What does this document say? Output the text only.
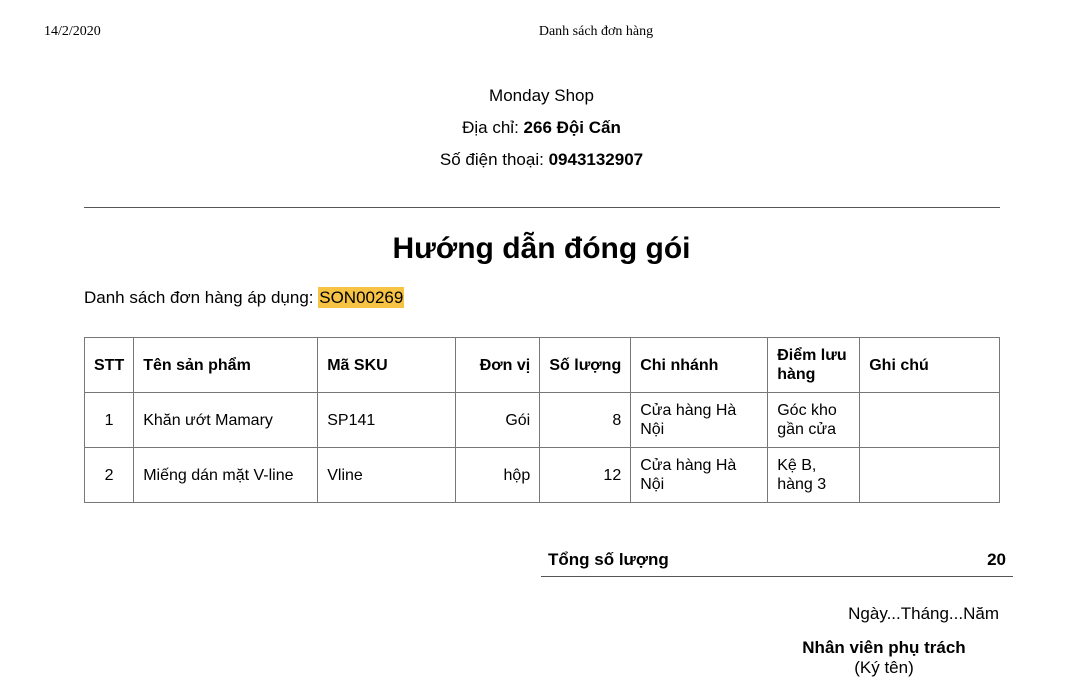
14/2/2020	Danh sách đơn hàng
Monday Shop
Địa chỉ: 266 Đội Cấn
Số điện thoại: 0943132907
Hướng dẫn đóng gói
Danh sách đơn hàng áp dụng: SON00269
STT	Tên sản phẩm	Mã SKU	Đơn vị	Số lượng	Chi nhánh	Điểm lưu hàng	Ghi chú
1	Khăn ướt Mamary	SP141	Gói	8	Cửa hàng Hà Nội	Góc kho gần cửa	
2	Miếng dán mặt V-line	Vline	hộp	12	Cửa hàng Hà Nội	Kệ B, hàng 3	
Tổng số lượng	20
Ngày...Tháng...Năm
Nhân viên phụ trách
(Ký tên)
